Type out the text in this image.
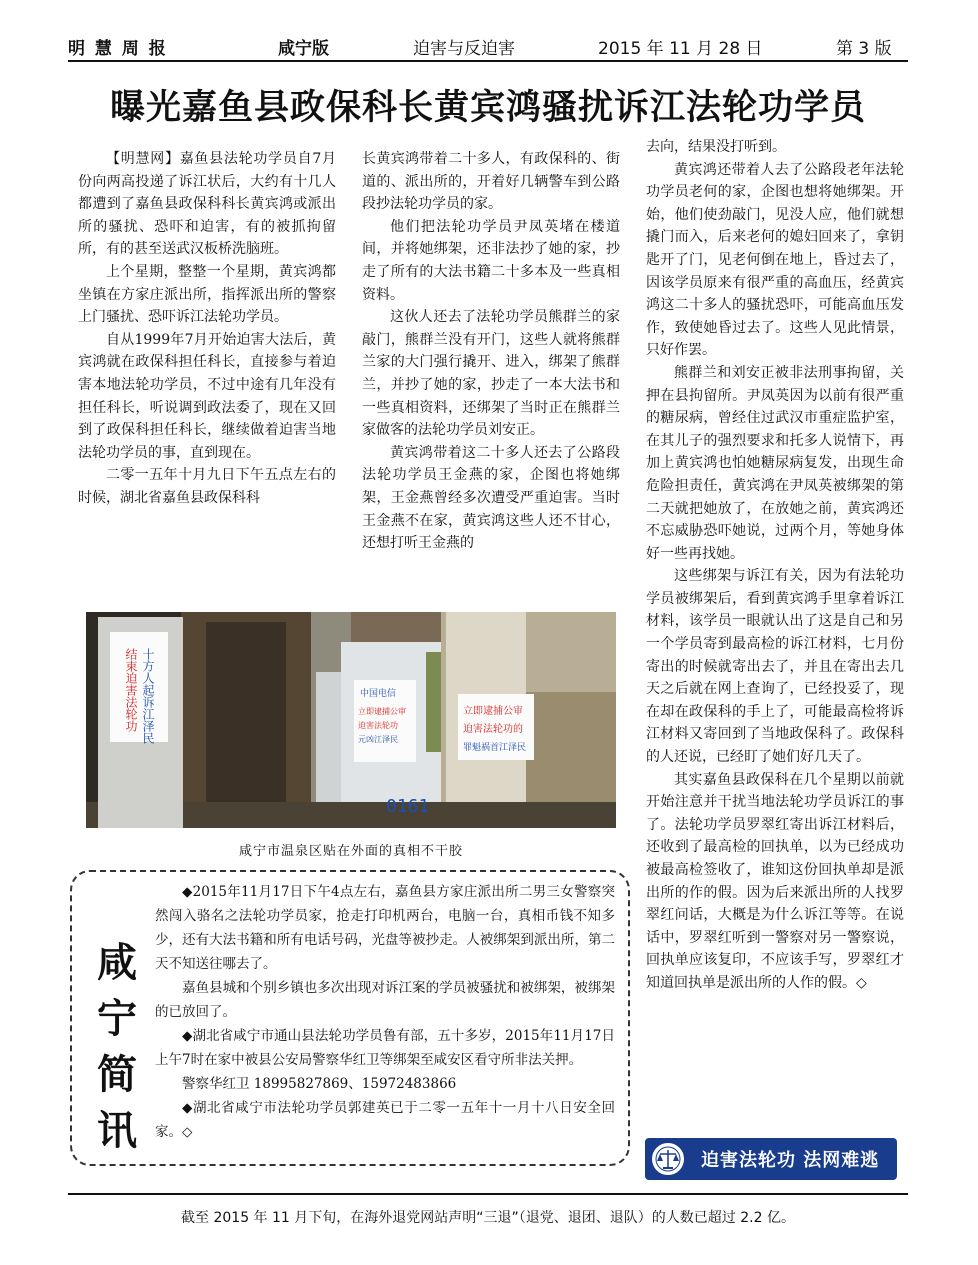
明 慧 周 报	咸宁版	迫害与反迫害	2015 年 11 月 28 日	第 3 版
曝光嘉鱼县政保科长黄宾鸿骚扰诉江法轮功学员

【明慧网】嘉鱼县法轮功学员自7月份向两高投递了诉江状后，大约有十几人都遭到了嘉鱼县政保科科长黄宾鸿或派出所的骚扰、恐吓和迫害，有的被抓拘留所，有的甚至送武汉板桥洗脑班。

上个星期，整整一个星期，黄宾鸿都坐镇在方家庄派出所，指挥派出所的警察上门骚扰、恐吓诉江法轮功学员。

自从1999年7月开始迫害大法后，黄宾鸿就在政保科担任科长，直接参与着迫害本地法轮功学员，不过中途有几年没有担任科长，听说调到政法委了，现在又回到了政保科担任科长，继续做着迫害当地法轮功学员的事，直到现在。

二零一五年十月九日下午五点左右的时候，湖北省嘉鱼县政保科科

长黄宾鸿带着二十多人，有政保科的、街道的、派出所的，开着好几辆警车到公路段抄法轮功学员的家。

他们把法轮功学员尹凤英堵在楼道间，并将她绑架，还非法抄了她的家，抄走了所有的大法书籍二十多本及一些真相资料。

这伙人还去了法轮功学员熊群兰的家敲门，熊群兰没有开门，这些人就将熊群兰家的大门强行撬开、进入，绑架了熊群兰，并抄了她的家，抄走了一本大法书和一些真相资料，还绑架了当时正在熊群兰家做客的法轮功学员刘安正。

黄宾鸿带着这二十多人还去了公路段法轮功学员王金燕的家，企图也将她绑架，王金燕曾经多次遭受严重迫害。当时王金燕不在家，黄宾鸿这些人还不甘心，还想打听王金燕的

去向，结果没打听到。

黄宾鸿还带着人去了公路段老年法轮功学员老何的家，企图也想将她绑架。开始，他们使劲敲门，见没人应，他们就想撬门而入，后来老何的媳妇回来了，拿钥匙开了门，见老何倒在地上，昏过去了，因该学员原来有很严重的高血压，经黄宾鸿这二十多人的骚扰恐吓，可能高血压发作，致使她昏过去了。这些人见此情景，只好作罢。

熊群兰和刘安正被非法刑事拘留，关押在县拘留所。尹凤英因为以前有很严重的糖尿病，曾经住过武汉市重症监护室，在其儿子的强烈要求和托多人说情下，再加上黄宾鸿也怕她糖尿病复发，出现生命危险担责任，黄宾鸿在尹凤英被绑架的第二天就把她放了，在放她之前，黄宾鸿还不忘威胁恐吓她说，过两个月，等她身体好一些再找她。

这些绑架与诉江有关，因为有法轮功学员被绑架后，看到黄宾鸿手里拿着诉江材料，该学员一眼就认出了这是自己和另一个学员寄到最高检的诉江材料，七月份寄出的时候就寄出去了，并且在寄出去几天之后就在网上查询了，已经投妥了，现在却在政保科的手上了，可能最高检将诉江材料又寄回到了当地政保科了。政保科的人还说，已经盯了她们好几天了。

其实嘉鱼县政保科在几个星期以前就开始注意并干扰当地法轮功学员诉江的事了。法轮功学员罗翠红寄出诉江材料后，还收到了最高检的回执单，以为已经成功被最高检签收了，谁知这份回执单却是派出所的作的假。因为后来派出所的人找罗翠红问话，大概是为什么诉江等等。在说话中，罗翠红听到一警察对另一警察说，回执单应该复印，不应该手写，罗翠红才知道回执单是派出所的人作的假。◇

十方人起诉江泽民
结束迫害法轮功	中国电信
立即逮捕公审
迫害法轮功
元凶江泽民
0161
立即逮捕公审
迫害法轮功的
罪魁祸首江泽民
咸宁市温泉区贴在外面的真相不干胶
咸
宁
简
讯

◆2015年11月17日下午4点左右，嘉鱼县方家庄派出所二男三女警察突然闯入骆名之法轮功学员家，抢走打印机两台，电脑一台，真相币钱不知多少，还有大法书籍和所有电话号码，光盘等被抄走。人被绑架到派出所，第二天不知送往哪去了。

嘉鱼县城和个别乡镇也多次出现对诉江案的学员被骚扰和被绑架，被绑架的已放回了。

◆湖北省咸宁市通山县法轮功学员鲁有部，五十多岁，2015年11月17日上午7时在家中被县公安局警察华红卫等绑架至咸安区看守所非法关押。

警察华红卫 18995827869、15972483866

◆湖北省咸宁市法轮功学员郭建英已于二零一五年十一月十八日安全回家。◇

迫害法轮功 法网难逃
截至 2015 年 11 月下旬，在海外退党网站声明“三退”（退党、退团、退队）的人数已超过 2.2 亿。
